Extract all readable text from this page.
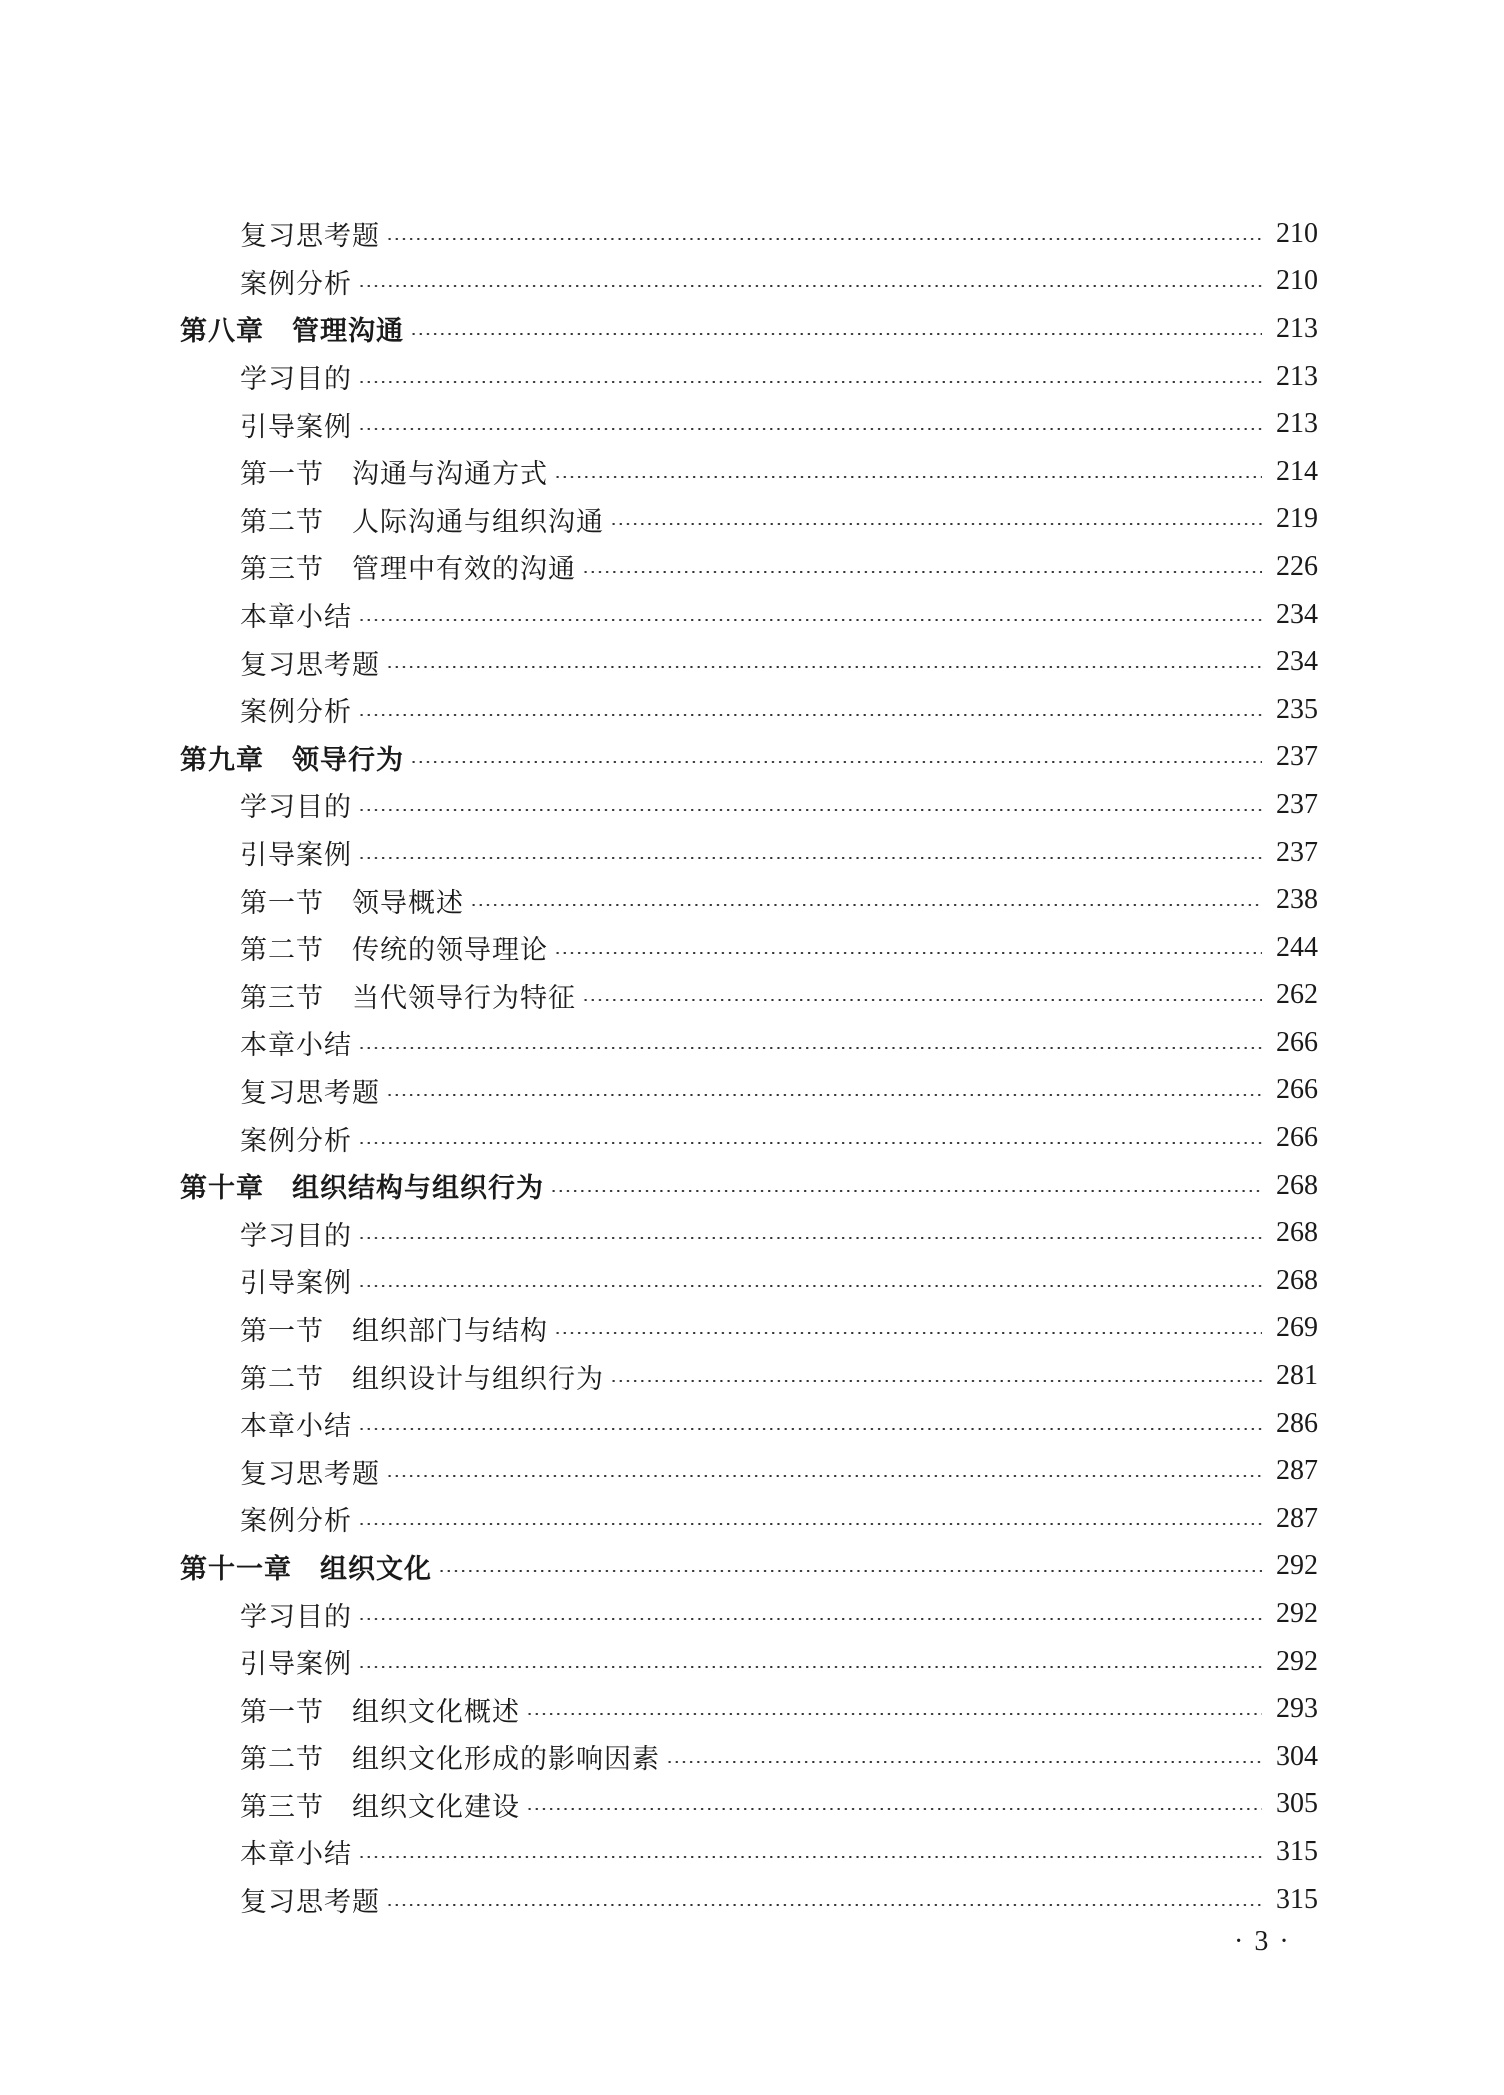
复习思考题	210
案例分析	210
第八章　管理沟通	213
学习目的	213
引导案例	213
第一节　沟通与沟通方式	214
第二节　人际沟通与组织沟通	219
第三节　管理中有效的沟通	226
本章小结	234
复习思考题	234
案例分析	235
第九章　领导行为	237
学习目的	237
引导案例	237
第一节　领导概述	238
第二节　传统的领导理论	244
第三节　当代领导行为特征	262
本章小结	266
复习思考题	266
案例分析	266
第十章　组织结构与组织行为	268
学习目的	268
引导案例	268
第一节　组织部门与结构	269
第二节　组织设计与组织行为	281
本章小结	286
复习思考题	287
案例分析	287
第十一章　组织文化	292
学习目的	292
引导案例	292
第一节　组织文化概述	293
第二节　组织文化形成的影响因素	304
第三节　组织文化建设	305
本章小结	315
复习思考题	315
· 3 ·
